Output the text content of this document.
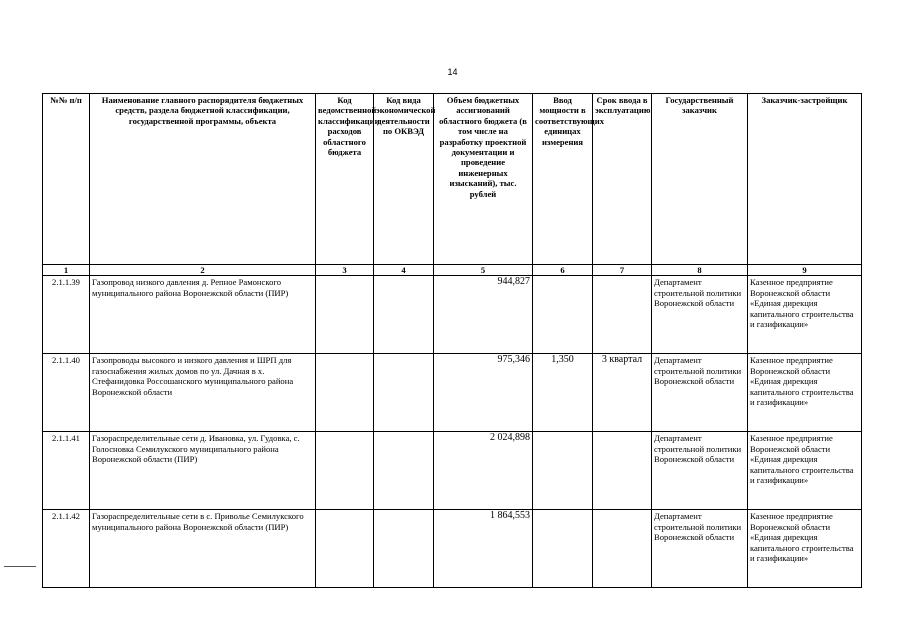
14
№№ п/п	Наименование главного распорядителя бюджетных средств, раздела бюджетной классификации, государственной программы, объекта	Код ведомственной классификации расходов областного бюджета	Код вида экономической деятельности по ОКВЭД	Объем бюджетных ассигнований областного бюджета (в том числе на разработку проектной документации и проведение инженерных изысканий), тыс. рублей	Ввод мощности в соответствующих единицах измерения	Срок ввода в эксплуатацию	Государственный заказчик	Заказчик-застройщик
1	2	3	4	5	6	7	8	9
2.1.1.39	Газопровод низкого давления д. Репное Рамонского муниципального района Воронежской области (ПИР)			944,827			Департамент строительной политики Воронежской области	Казенное предприятие Воронежской области «Единая дирекция капитального строительства и газификации»
2.1.1.40	Газопроводы высокого и низкого давления и ШРП для газоснабжения жилых домов по ул. Дачная в х. Стефанидовка Россошанского муниципального района Воронежской области			975,346	1,350	3 квартал	Департамент строительной политики Воронежской области	Казенное предприятие Воронежской области «Единая дирекция капитального строительства и газификации»
2.1.1.41	Газораспределительные сети д. Ивановка, ул. Гудовка, с. Голосновка Семилукского муниципального района Воронежской области (ПИР)			2 024,898			Департамент строительной политики Воронежской области	Казенное предприятие Воронежской области «Единая дирекция капитального строительства и газификации»
2.1.1.42	Газораспределительные сети в с. Приволье Семилукского муниципального района Воронежской области (ПИР)			1 864,553			Департамент строительной политики Воронежской области	Казенное предприятие Воронежской области «Единая дирекция капитального строительства и газификации»
